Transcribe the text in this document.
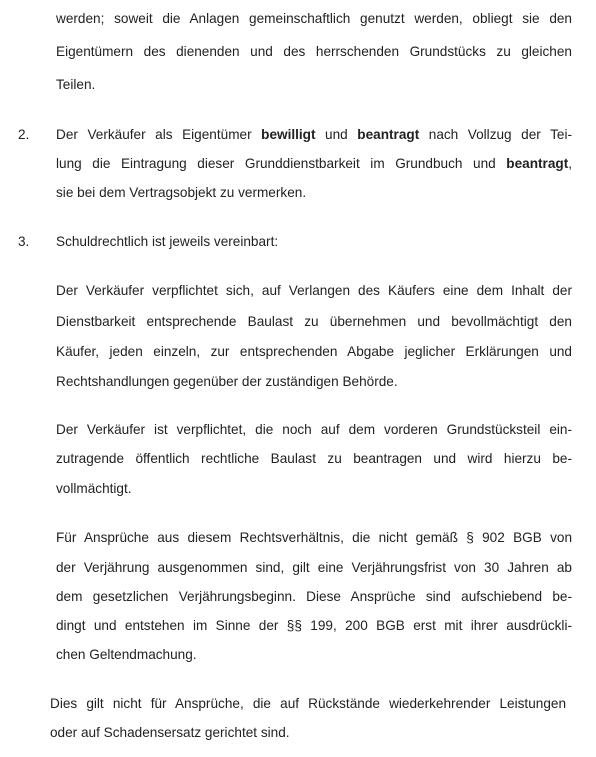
werden; soweit die Anlagen gemeinschaftlich genutzt werden, obliegt sie den
Eigentümern des dienenden und des herrschenden Grundstücks zu gleichen
Teilen.
2. Der Verkäufer als Eigentümer bewilligt und beantragt nach Vollzug der Tei-
lung die Eintragung dieser Grunddienstbarkeit im Grundbuch und beantragt,
sie bei dem Vertragsobjekt zu vermerken.
3. Schuldrechtlich ist jeweils vereinbart:
Der Verkäufer verpflichtet sich, auf Verlangen des Käufers eine dem Inhalt der
Dienstbarkeit entsprechende Baulast zu übernehmen und bevollmächtigt den
Käufer, jeden einzeln, zur entsprechenden Abgabe jeglicher Erklärungen und
Rechtshandlungen gegenüber der zuständigen Behörde.
Der Verkäufer ist verpflichtet, die noch auf dem vorderen Grundstücksteil ein-
zutragende öffentlich rechtliche Baulast zu beantragen und wird hierzu be-
vollmächtigt.
Für Ansprüche aus diesem Rechtsverhältnis, die nicht gemäß § 902 BGB von
der Verjährung ausgenommen sind, gilt eine Verjährungsfrist von 30 Jahren ab
dem gesetzlichen Verjährungsbeginn. Diese Ansprüche sind aufschiebend be-
dingt und entstehen im Sinne der §§ 199, 200 BGB erst mit ihrer ausdrückli-
chen Geltendmachung.
Dies gilt nicht für Ansprüche, die auf Rückstände wiederkehrender Leistungen
oder auf Schadensersatz gerichtet sind.
